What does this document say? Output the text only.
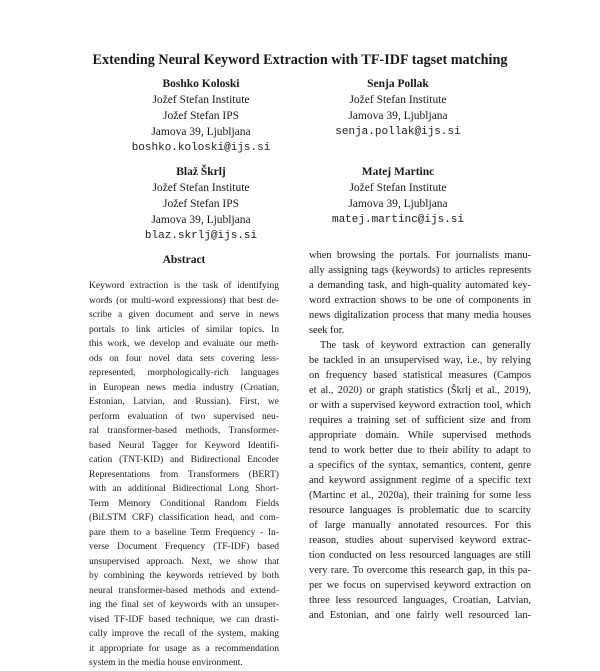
Extending Neural Keyword Extraction with TF-IDF tagset matching
Boshko Koloski
Jožef Stefan Institute
Jožef Stefan IPS
Jamova 39, Ljubljana
boshko.koloski@ijs.si
Senja Pollak
Jožef Stefan Institute
Jamova 39, Ljubljana
senja.pollak@ijs.si
Blaž Škrlj
Jožef Stefan Institute
Jožef Stefan IPS
Jamova 39, Ljubljana
blaz.skrlj@ijs.si
Matej Martinc
Jožef Stefan Institute
Jamova 39, Ljubljana
matej.martinc@ijs.si
Abstract
Keyword extraction is the task of identifying
words (or multi-word expressions) that best de-
scribe a given document and serve in news
portals to link articles of similar topics. In
this work, we develop and evaluate our meth-
ods on four novel data sets covering less-
represented, morphologically-rich languages
in European news media industry (Croatian,
Estonian, Latvian, and Russian). First, we
perform evaluation of two supervised neu-
ral transformer-based methods, Transformer-
based Neural Tagger for Keyword Identifi-
cation (TNT-KID) and Bidirectional Encoder
Representations from Transformers (BERT)
with an additional Bidirectional Long Short-
Term Memory Conditional Random Fields
(BiLSTM CRF) classification head, and com-
pare them to a baseline Term Frequency - In-
verse Document Frequency (TF-IDF) based
unsupervised approach. Next, we show that
by combining the keywords retrieved by both
neural transformer-based methods and extend-
ing the final set of keywords with an unsuper-
vised TF-IDF based technique, we can drasti-
cally improve the recall of the system, making
it appropriate for usage as a recommendation
system in the media house environment.
when browsing the portals. For journalists manu-
ally assigning tags (keywords) to articles represents
a demanding task, and high-quality automated key-
word extraction shows to be one of components in
news digitalization process that many media houses
seek for.
The task of keyword extraction can generally
be tackled in an unsupervised way, i.e., by relying
on frequency based statistical measures (Campos
et al., 2020) or graph statistics (Škrlj et al., 2019),
or with a supervised keyword extraction tool, which
requires a training set of sufficient size and from
appropriate domain. While supervised methods
tend to work better due to their ability to adapt to
a specifics of the syntax, semantics, content, genre
and keyword assignment regime of a specific text
(Martinc et al., 2020a), their training for some less
resource languages is problematic due to scarcity
of large manually annotated resources. For this
reason, studies about supervised keyword extrac-
tion conducted on less resourced languages are still
very rare. To overcome this research gap, in this pa-
per we focus on supervised keyword extraction on
three less resourced languages, Croatian, Latvian,
and Estonian, and one fairly well resourced lan-
